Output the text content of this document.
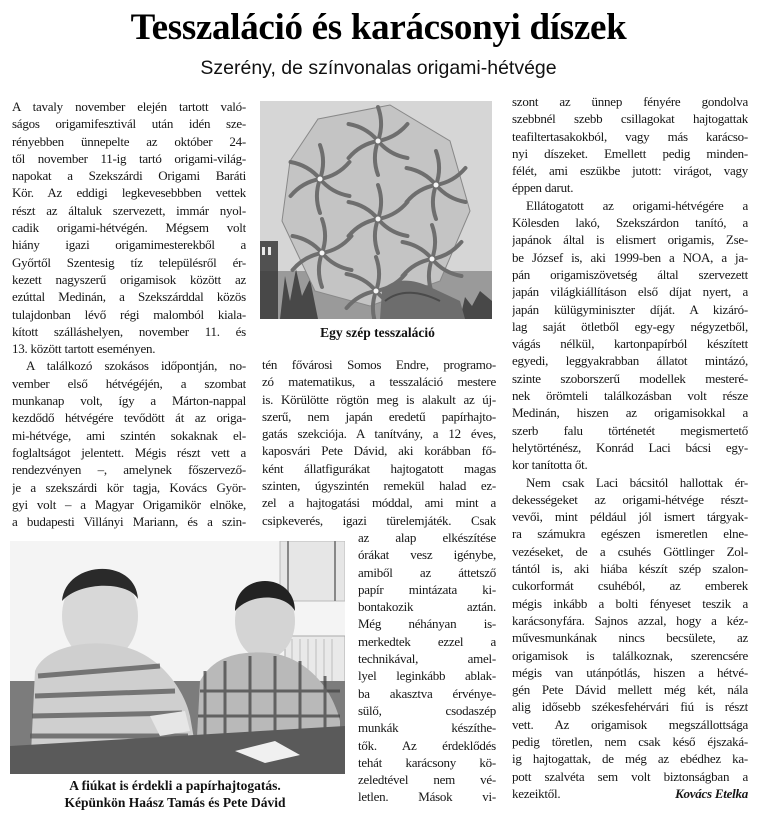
Tesszaláció és karácsonyi díszek
Szerény, de színvonalas origami-hétvége
A tavaly november elején tartott való-
ságos origamifesztivál után idén sze-
rényebben ünnepelte az október 24-
től november 11-ig tartó origami-világ-
napokat a Szekszárdi Origami Baráti
Kör. Az eddigi legkevesebbben vettek
részt az általuk szervezett, immár nyol-
cadik origami-hétvégén. Mégsem volt
hiány igazi origamimesterekből a
Győrtől Szentesig tíz településről ér-
kezett nagyszerű origamisok között az
ezúttal Medinán, a Szekszárddal közös
tulajdonban lévő régi malomból kiala-
kított szálláshelyen, november 11. és
13. között tartott eseményen.
A találkozó szokásos időpontján, no-
vember első hétvégéjén, a szombat
munkanap volt, így a Márton-nappal
kezdődő hétvégére tevődött át az origa-
mi-hétvége, ami szintén sokaknak el-
foglaltságot jelentett. Mégis részt vett a
rendezvényen –, amelynek főszervező-
je a szekszárdi kör tagja, Kovács Györ-
gyi volt – a Magyar Origamikör elnöke,
a budapesti Villányi Mariann, és a szin-
Egy szép tesszaláció
tén fővárosi Somos Endre, programo-
zó matematikus, a tesszaláció mestere
is. Körülötte rögtön meg is alakult az új-
szerű, nem japán eredetű papírhajto-
gatás szekciója. A tanítvány, a 12 éves,
kaposvári Pete Dávid, aki korábban fő-
ként állatfigurákat hajtogatott magas
szinten, úgyszintén remekül halad ez-
zel a hajtogatási móddal, ami mint a
csipkeverés, igazi türelemjáték. Csak
az alap elkészítése
órákat vesz igénybe,
amiből az áttetsző
papír mintázata ki-
bontakozik aztán.
Még néhányan is-
merkedtek ezzel a
technikával, amel-
lyel leginkább ablak-
ba akasztva érvénye-
sülő, csodaszép
munkák készíthe-
tők. Az érdeklődés
tehát karácsony kö-
zeledtével nem vé-
letlen. Mások vi-
A fiúkat is érdekli a papírhajtogatás.
Képünkön Haász Tamás és Pete Dávid
szont az ünnep fényére gondolva
szebbnél szebb csillagokat hajtogattak
teafiltertasakokból, vagy más karácso-
nyi díszeket. Emellett pedig minden-
félét, ami eszükbe jutott: virágot, vagy
éppen darut.
Ellátogatott az origami-hétvégére a
Kölesden lakó, Szekszárdon tanító, a
japánok által is elismert origamis, Zse-
be József is, aki 1999-ben a NOA, a ja-
pán origamiszövetség által szervezett
japán világkiállításon első díjat nyert, a
japán külügyminiszter díját. A kizáró-
lag saját ötletből egy-egy négyzetből,
vágás nélkül, kartonpapírból készített
egyedi, leggyakrabban állatot mintázó,
szinte szoborszerű modellek mesteré-
nek örömteli találkozásban volt része
Medinán, hiszen az origamisokkal a
szerb falu történetét megismertető
helytörténész, Konrád Laci bácsi egy-
kor tanította őt.
Nem csak Laci bácsitól hallottak ér-
dekességeket az origami-hétvége részt-
vevői, mint például jól ismert tárgyak-
ra számukra egészen ismeretlen elne-
vezéseket, de a csuhés Göttlinger Zol-
tántól is, aki hiába készít szép szalon-
cukorformát csuhéból, az emberek
mégis inkább a bolti fényeset teszik a
karácsonyfára. Sajnos azzal, hogy a kéz-
művesmunkának nincs becsülete, az
origamisok is találkoznak, szerencsére
mégis van utánpótlás, hiszen a hétvé-
gén Pete Dávid mellett még két, nála
alig idősebb székesfehérvári fiú is részt
vett. Az origamisok megszállottsága
pedig töretlen, nem csak késő éjszaká-
ig hajtogattak, de még az ebédhez ka-
pott szalvéta sem volt biztonságban a
kezeiktől.	Kovács Etelka
